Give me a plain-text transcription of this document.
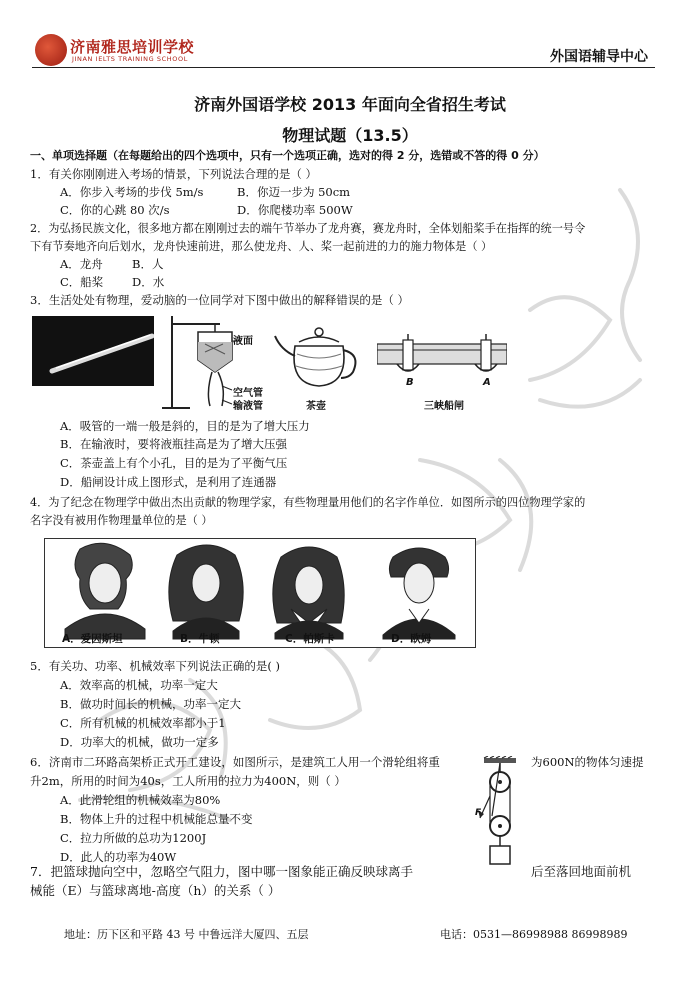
济南雅思培训学校
JINAN IELTS TRAINING SCHOOL	外国语辅导中心
济南外国语学校 2013 年面向全省招生考试
物理试题（13.5）
一、单项选择题（在每题给出的四个选项中，只有一个选项正确，选对的得 2 分，选错或不答的得 0 分）
1．有关你刚刚进入考场的情景，下列说法合理的是（ ）
A．你步入考场的步伐 5m/s	B．你迈一步为 50cm
C．你的心跳 80 次/s	D．你爬楼功率 500W
2．为弘扬民族文化，很多地方都在刚刚过去的端午节举办了龙舟赛，赛龙舟时，全体划船桨手在指挥的统一号令
下有节奏地齐向后划水，龙舟快速前进，那么使龙舟、人、桨一起前进的力的施力物体是（ ）
A．龙舟	B．人
C．船桨 D．水
3．生活处处有物理，爱动脑的一位同学对下图中做出的解释错误的是（ ）
液面
空气管
输液管	茶壶
B	A
三峡船闸
A．吸管的一端一般是斜的，目的是为了增大压力
B．在输液时，要将液瓶挂高是为了增大压强
C．茶壶盖上有个小孔，目的是为了平衡气压
D．船闸设计成上图形式，是利用了连通器
4．为了纪念在物理学中做出杰出贡献的物理学家，有些物理量用他们的名字作单位．如图所示的四位物理学家的
名字没有被用作物理量单位的是（ ）
A．爱因斯坦	B．牛顿	C．帕斯卡	D．欧姆
5．有关功、功率、机械效率下列说法正确的是( )
A．效率高的机械，功率一定大
B．做功时间长的机械，功率一定大
C．所有机械的机械效率都小于1
D．功率大的机械，做功一定多
6．济南市二环路高架桥正式开工建设，如图所示，是建筑工人用一个滑轮组将重	为600N的物体匀速提
升2m，所用的时间为40s，工人所用的拉力为400N，则（ ）
A．此滑轮组的机械效率为80%
B．物体上升的过程中机械能总量不变
C．拉力所做的总功为1200J
D．此人的功率为40W
F
7．把篮球抛向空中，忽略空气阻力，图中哪一图象能正确反映球离手	后至落回地面前机
械能（E）与篮球离地-高度（h）的关系（ ）
地址：历下区和平路 43 号 中鲁远洋大厦四、五层	电话：0531—86998988 86998989
